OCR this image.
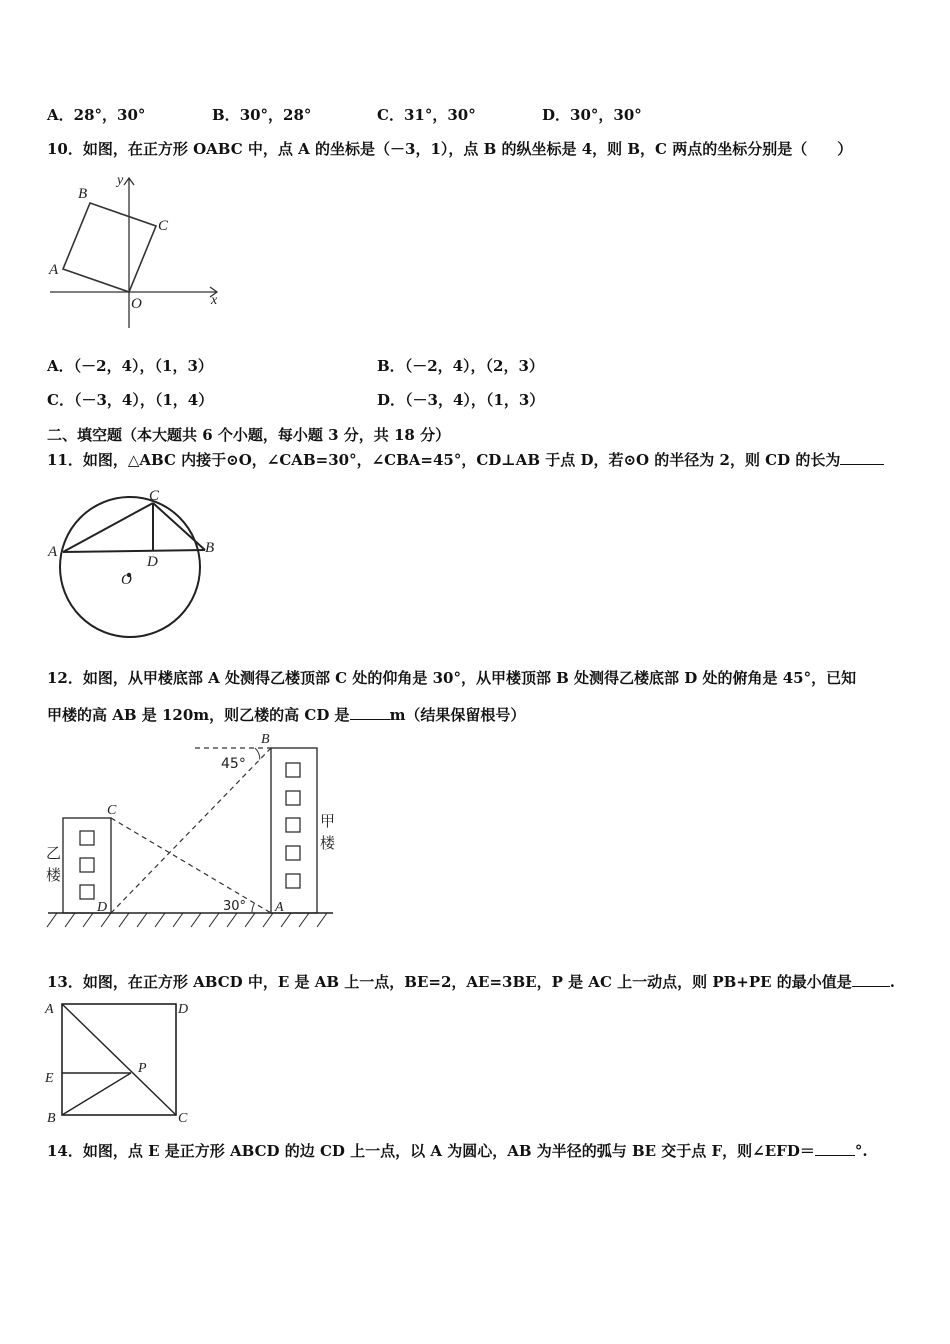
A．28°，30°	B．30°，28°	C．31°，30°	D．30°，30°
10．如图，在正方形 OABC 中，点 A 的坐标是（－3，1），点 B 的纵坐标是 4，则 B，C 两点的坐标分别是（　　）
B
A
C
O	x
y
A．（－2，4），（1，3）	B．（－2，4），（2，3）
C．（－3，4），（1，4）	D．（－3，4），（1，3）
二、填空题（本大题共 6 个小题，每小题 3 分，共 18 分）
11．如图，△ABC 内接于⊙O，∠CAB=30°，∠CBA=45°，CD⊥AB 于点 D，若⊙O 的半径为 2，则 CD 的长为
C
A	B
D
O
12．如图，从甲楼底部 A 处测得乙楼顶部 C 处的仰角是 30°，从甲楼顶部 B 处测得乙楼底部 D 处的俯角是 45°，已知
甲楼的高 AB 是 120m，则乙楼的高 CD 是	m（结果保留根号）
B
C
A
D
45°
30°
甲
楼
乙
楼
13．如图，在正方形 ABCD 中，E 是 AB 上一点，BE=2，AE=3BE，P 是 AC 上一动点，则 PB+PE 的最小值是	.
A	D
E
P
B	C
14．如图，点 E 是正方形 ABCD 的边 CD 上一点，以 A 为圆心，AB 为半径的弧与 BE 交于点 F，则∠EFD＝	°.
